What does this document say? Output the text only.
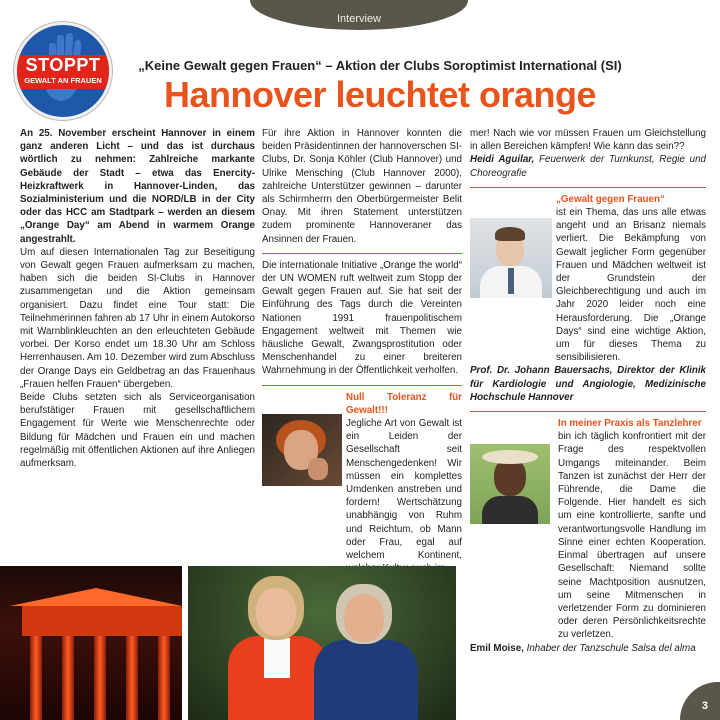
Interview
STOPPT
GEWALT AN FRAUEN
„Keine Gewalt gegen Frauen“ – Aktion der Clubs Soroptimist International (SI)
Hannover leuchtet orange

An 25. November erscheint Hannover in einem ganz anderen Licht – und das ist durchaus wörtlich zu nehmen: Zahlreiche markante Gebäude der Stadt – etwa das Enercity-Heizkraftwerk in Hannover-Linden, das Sozialministerium und die NORD/LB in der City oder das HCC am Stadtpark – werden an diesem „Orange Day“ am Abend in warmem Orange angestrahlt.

Um auf diesen Internationalen Tag zur Beseitigung von Gewalt gegen Frauen aufmerksam zu machen, haben sich die beiden SI-Clubs in Hannover zusammengetan und die Aktion gemeinsam organisiert. Dazu findet eine Tour statt: Die Teilnehmerinnen fahren ab 17 Uhr in einem Autokorso mit Warnblinkleuchten an den erleuchteten Gebäude vorbei. Der Korso endet um 18.30 Uhr am Schloss Herrenhausen. Am 10. Dezember wird zum Abschluss der Orange Days ein Geldbetrag an das Frauenhaus „Frauen helfen Frauen“ übergeben.

Beide Clubs setzten sich als Serviceorganisation berufstätiger Frauen mit gesellschaftlichem Engagement für Werte wie Menschenrechte oder Bildung für Mädchen und Frauen ein und machen regelmäßig mit öffentlichen Aktionen auf ihre Anliegen aufmerksam.

Für ihre Aktion in Hannover konnten die beiden Präsidentinnen der hannoverschen SI-Clubs, Dr. Sonja Köhler (Club Hannover) und Ulrike Mensching (Club Hannover 2000), zahlreiche Unterstützer gewinnen – darunter als Schirmherrn den Oberbürgermeister Belit Onay. Mit ihren Statement unterstützen zudem prominente Hannoveraner das Ansinnen der Frauen.

Die internationale Initiative „Orange the world“ der UN WOMEN ruft weltweit zum Stopp der Gewalt gegen Frauen auf. Sie hat seit der Einführung des Tags durch die Vereinten Nationen 1991 frauenpolitischem Engagement weltweit mit Themen wie häusliche Gewalt, Zwangsprostitution oder Menschenhandel zu einer breiteren Wahrnehmung in der Öffentlichkeit verholfen.

Null Toleranz für Gewalt!!!

Jegliche Art von Gewalt ist ein Leiden der Gesellschaft seit Menschengedenken! Wir müssen ein komplettes Umdenken anstreben und fordern! Wertschätzung unabhängig von Ruhm und Reichtum, ob Mann oder Frau, egal auf welchem Kontinent,

mer! Nach wie vor müssen Frauen um Gleichstellung in allen Bereichen kämpfen! Wie kann das sein??

Heidi Aguilar, Feuerwerk der Turnkunst, Regie und Choreografie

„Gewalt gegen Frauen“

ist ein Thema, das uns alle etwas angeht und an Brisanz niemals verliert. Die Bekämpfung von Gewalt jeglicher Form gegenüber Frauen und Mädchen weltweit ist der Grundstein der Gleichberechtigung und auch im Jahr 2020 leider noch eine Herausforderung. Die „Orange Days“ sind eine wichtige Aktion, um für dieses Thema zu sensibilisieren.

Prof. Dr. Johann Bauersachs, Direktor der Klinik für Kardiologie und Angiologie, Medizinische Hochschule Hannover

In meiner Praxis als Tanzlehrer

bin ich täglich konfrontiert mit der Frage des respektvollen Umgangs miteinander. Beim Tanzen ist zunächst der Herr der Führende, die Dame die Folgende. Hier handelt es sich um eine kontrollierte, sanfte und verantwortungsvolle Handlung im Sinne einer echten Kooperation. Einmal übertragen auf unsere Gesellschaft: Niemand sollte seine Machtposition ausnutzen, um seine Mitmenschen in verletzender Form zu dominieren oder deren Persönlichkeitsrechte zu verletzen.

Emil Moise, Inhaber der Tanzschule Salsa del alma

3
